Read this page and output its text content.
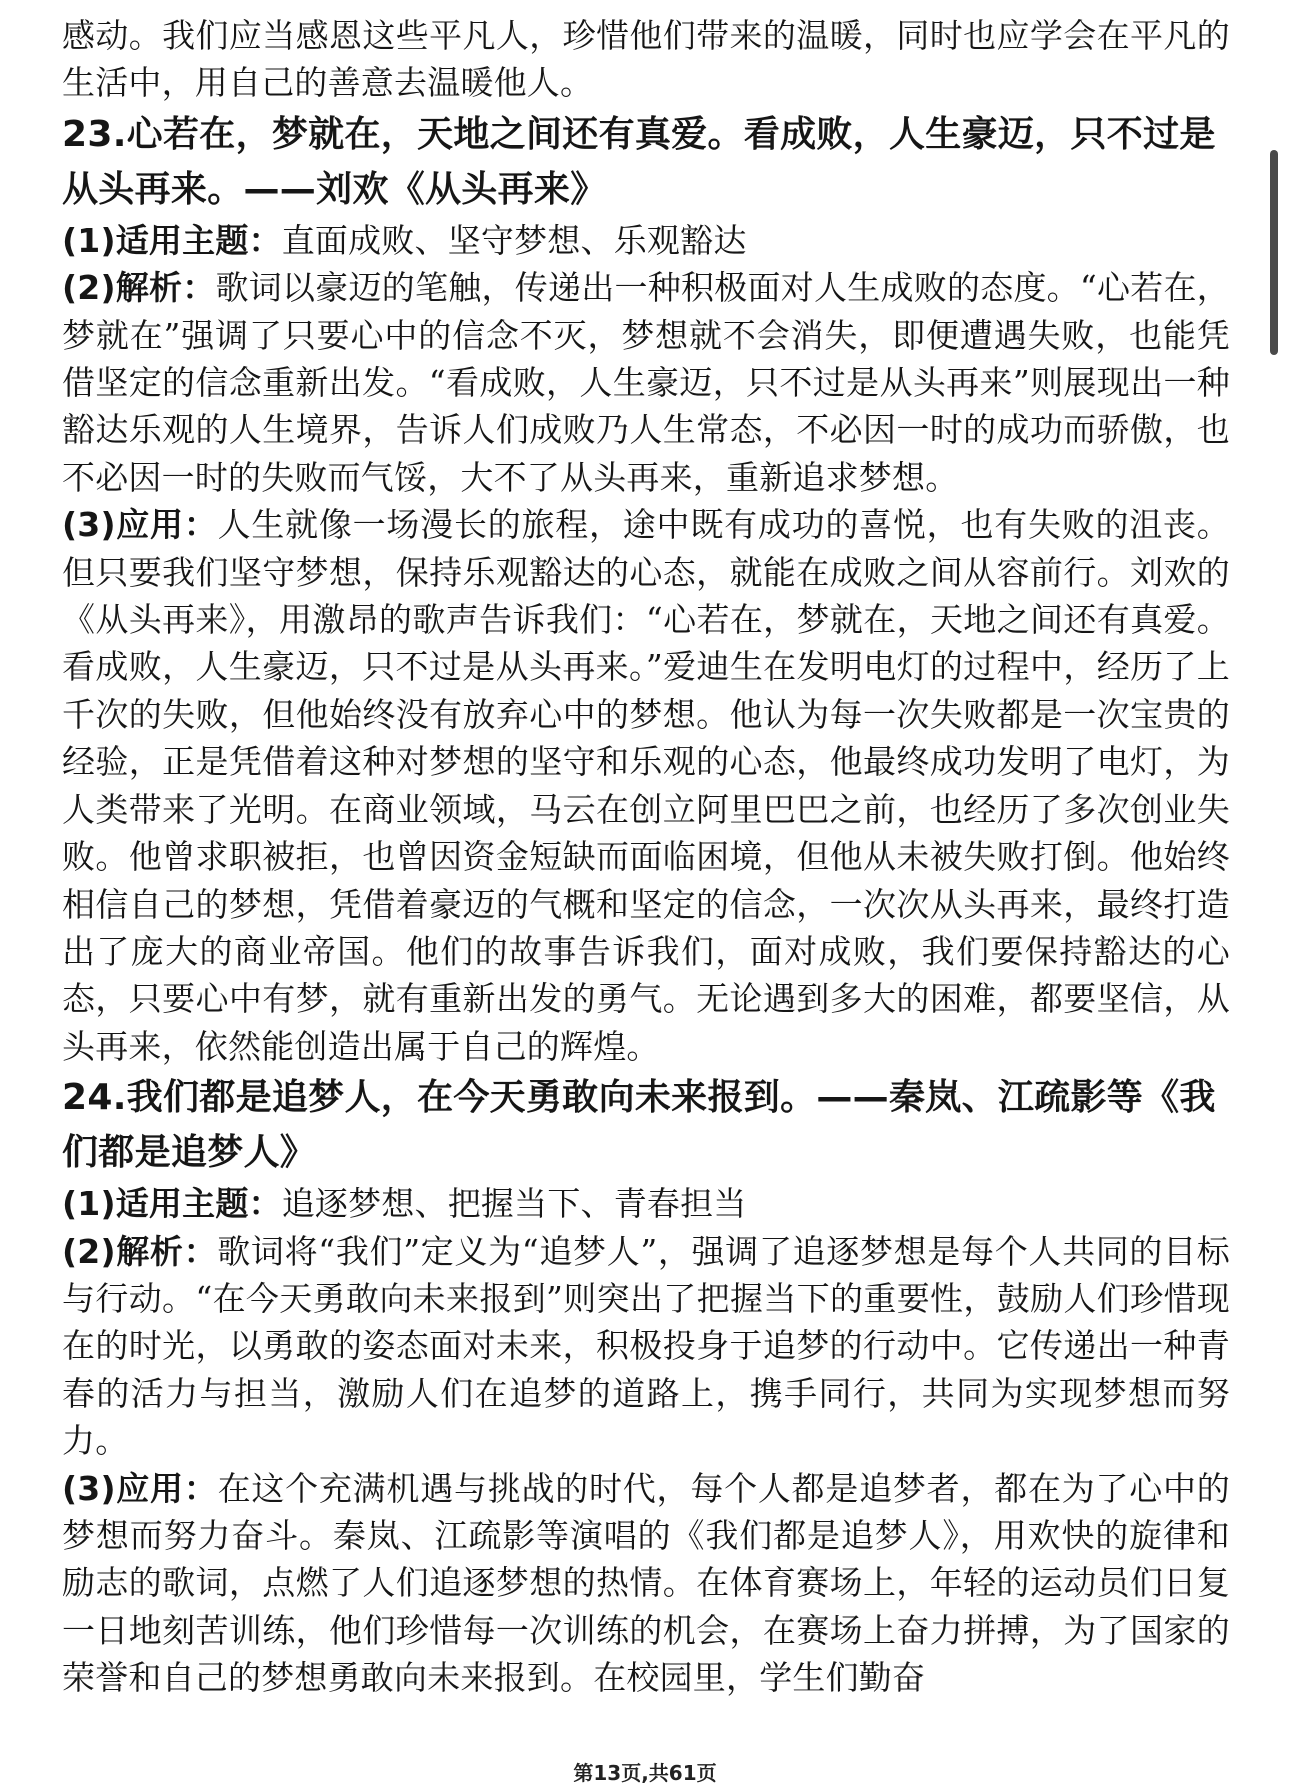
感动。我们应当感恩这些平凡人，珍惜他们带来的温暖，同时也应学会在平凡的生活中，用自己的善意去温暖他人。

23.心若在，梦就在，天地之间还有真爱。看成败，人生豪迈，只不过是从头再来。——刘欢《从头再来》

(1)适用主题：直面成败、坚守梦想、乐观豁达

(2)解析：歌词以豪迈的笔触，传递出一种积极面对人生成败的态度。“心若在，梦就在”强调了只要心中的信念不灭，梦想就不会消失，即便遭遇失败，也能凭借坚定的信念重新出发。“看成败，人生豪迈，只不过是从头再来”则展现出一种豁达乐观的人生境界，告诉人们成败乃人生常态，不必因一时的成功而骄傲，也不必因一时的失败而气馁，大不了从头再来，重新追求梦想。

(3)应用：人生就像一场漫长的旅程，途中既有成功的喜悦，也有失败的沮丧。但只要我们坚守梦想，保持乐观豁达的心态，就能在成败之间从容前行。刘欢的《从头再来》，用激昂的歌声告诉我们：“心若在，梦就在，天地之间还有真爱。看成败，人生豪迈，只不过是从头再来。”爱迪生在发明电灯的过程中，经历了上千次的失败，但他始终没有放弃心中的梦想。他认为每一次失败都是一次宝贵的经验，正是凭借着这种对梦想的坚守和乐观的心态，他最终成功发明了电灯，为人类带来了光明。在商业领域，马云在创立阿里巴巴之前，也经历了多次创业失败。他曾求职被拒，也曾因资金短缺而面临困境，但他从未被失败打倒。他始终相信自己的梦想，凭借着豪迈的气概和坚定的信念，一次次从头再来，最终打造出了庞大的商业帝国。他们的故事告诉我们，面对成败，我们要保持豁达的心态，只要心中有梦，就有重新出发的勇气。无论遇到多大的困难，都要坚信，从头再来，依然能创造出属于自己的辉煌。

24.我们都是追梦人，在今天勇敢向未来报到。——秦岚、江疏影等《我们都是追梦人》

(1)适用主题：追逐梦想、把握当下、青春担当

(2)解析：歌词将“我们”定义为“追梦人”，强调了追逐梦想是每个人共同的目标与行动。“在今天勇敢向未来报到”则突出了把握当下的重要性，鼓励人们珍惜现在的时光，以勇敢的姿态面对未来，积极投身于追梦的行动中。它传递出一种青春的活力与担当，激励人们在追梦的道路上，携手同行，共同为实现梦想而努力。

(3)应用：在这个充满机遇与挑战的时代，每个人都是追梦者，都在为了心中的梦想而努力奋斗。秦岚、江疏影等演唱的《我们都是追梦人》，用欢快的旋律和励志的歌词，点燃了人们追逐梦想的热情。在体育赛场上，年轻的运动员们日复一日地刻苦训练，他们珍惜每一次训练的机会，在赛场上奋力拼搏，为了国家的荣誉和自己的梦想勇敢向未来报到。在校园里，学生们勤奋

第13页,共61页
